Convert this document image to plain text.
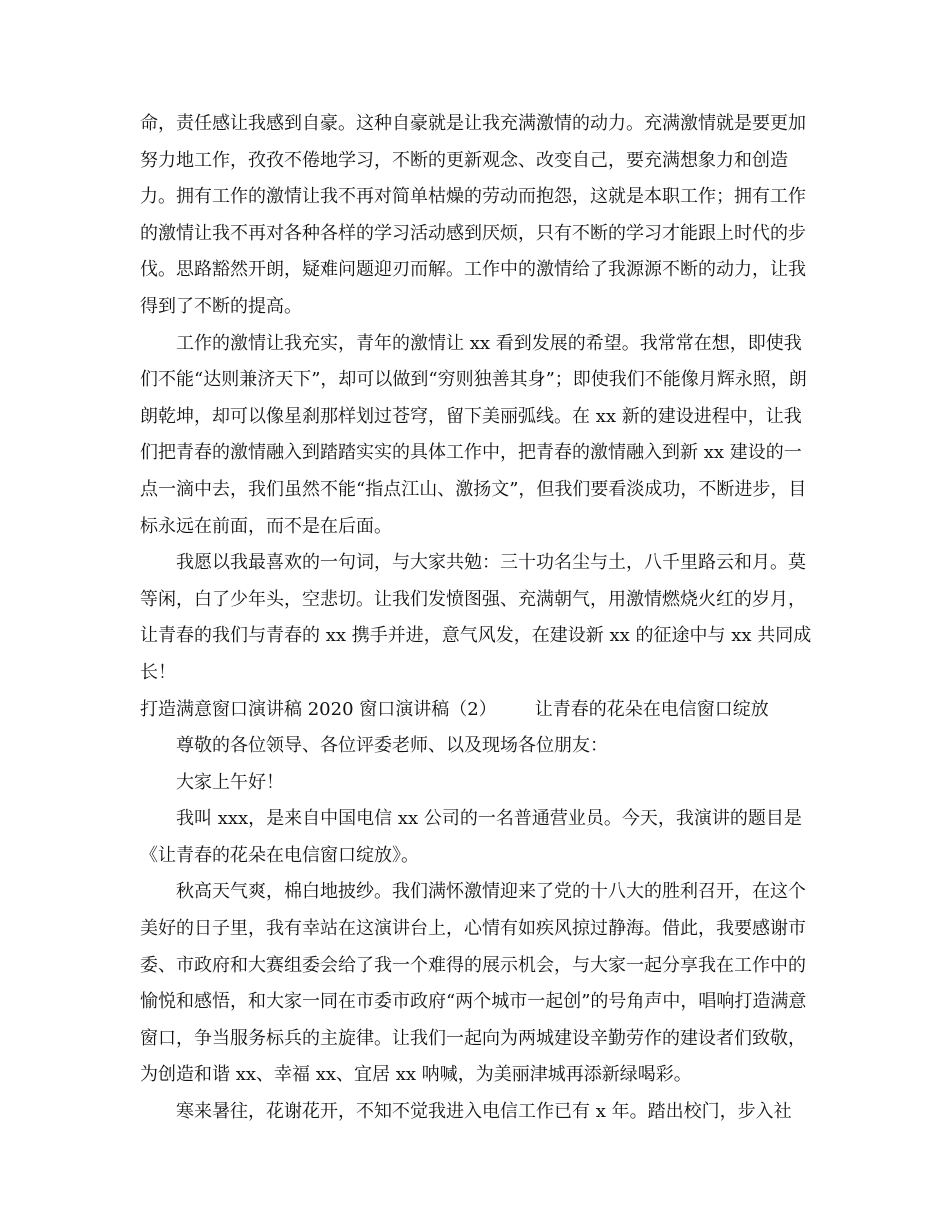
命，责任感让我感到自豪。这种自豪就是让我充满激情的动力。充满激情就是要更加努力地工作，孜孜不倦地学习，不断的更新观念、改变自己，要充满想象力和创造力。拥有工作的激情让我不再对简单枯燥的劳动而抱怨，这就是本职工作；拥有工作的激情让我不再对各种各样的学习活动感到厌烦，只有不断的学习才能跟上时代的步伐。思路豁然开朗，疑难问题迎刃而解。工作中的激情给了我源源不断的动力，让我得到了不断的提高。

工作的激情让我充实，青年的激情让 xx 看到发展的希望。我常常在想，即使我们不能“达则兼济天下”，却可以做到“穷则独善其身”；即使我们不能像月辉永照，朗朗乾坤，却可以像星刹那样划过苍穹，留下美丽弧线。在 xx 新的建设进程中，让我们把青春的激情融入到踏踏实实的具体工作中，把青春的激情融入到新 xx 建设的一点一滴中去，我们虽然不能“指点江山、激扬文”，但我们要看淡成功，不断进步，目标永远在前面，而不是在后面。

我愿以我最喜欢的一句词，与大家共勉：三十功名尘与土，八千里路云和月。莫等闲，白了少年头，空悲切。让我们发愤图强、充满朝气，用激情燃烧火红的岁月，让青春的我们与青春的 xx 携手并进，意气风发，在建设新 xx 的征途中与 xx 共同成长！

打造满意窗口演讲稿 2020 窗口演讲稿（2） 让青春的花朵在电信窗口绽放

尊敬的各位领导、各位评委老师、以及现场各位朋友：

大家上午好！

我叫 xxx，是来自中国电信 xx 公司的一名普通营业员。今天，我演讲的题目是《让青春的花朵在电信窗口绽放》。

秋高天气爽，棉白地披纱。我们满怀激情迎来了党的十八大的胜利召开，在这个美好的日子里，我有幸站在这演讲台上，心情有如疾风掠过静海。借此，我要感谢市委、市政府和大赛组委会给了我一个难得的展示机会，与大家一起分享我在工作中的愉悦和感悟，和大家一同在市委市政府“两个城市一起创”的号角声中，唱响打造满意窗口，争当服务标兵的主旋律。让我们一起向为两城建设辛勤劳作的建设者们致敬，为创造和谐 xx、幸福 xx、宜居 xx 呐喊，为美丽津城再添新绿喝彩。

寒来暑往，花谢花开，不知不觉我进入电信工作已有 x 年。踏出校门，步入社
